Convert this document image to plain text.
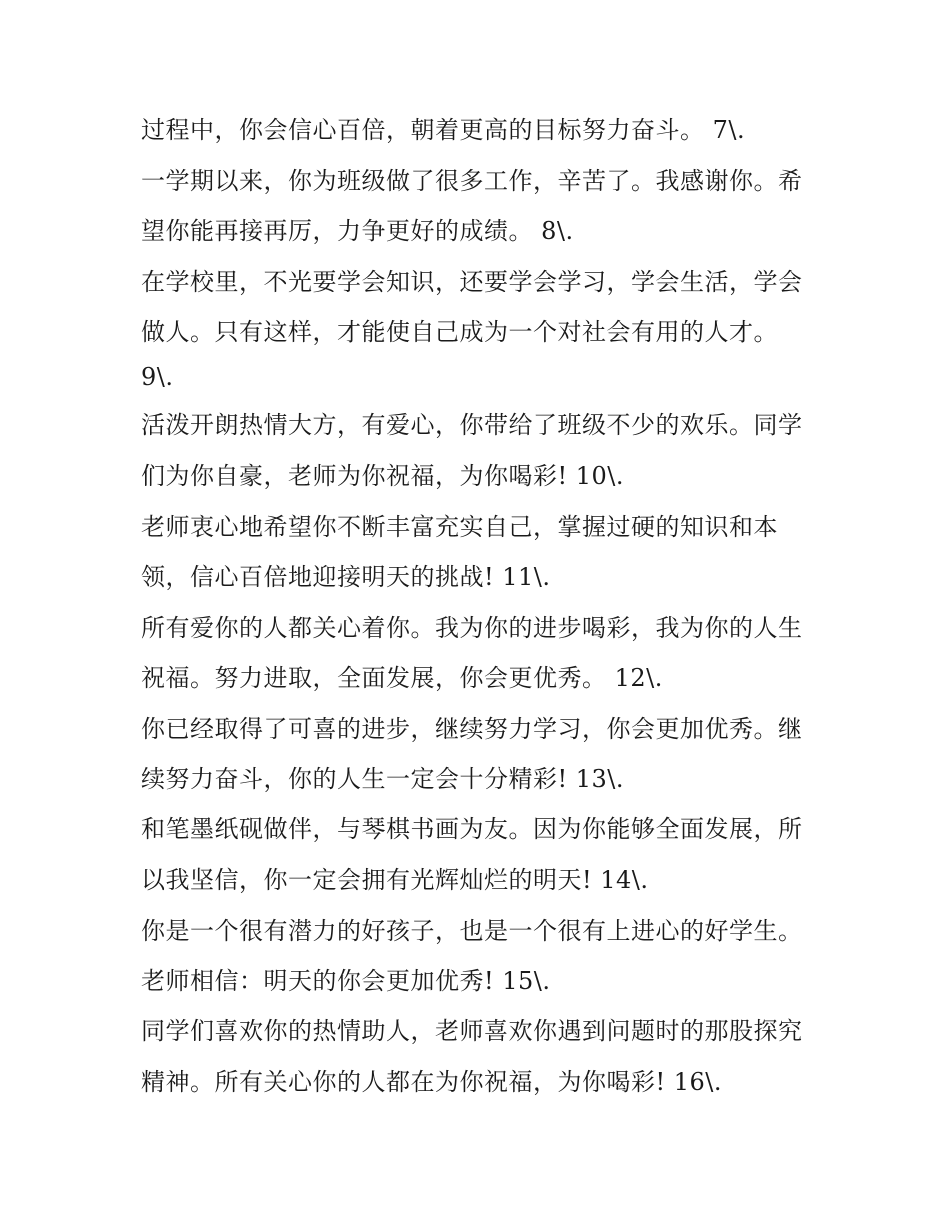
过程中，你会信心百倍，朝着更高的目标努力奋斗。 7\.

一学期以来，你为班级做了很多工作，辛苦了。我感谢你。希

望你能再接再厉，力争更好的成绩。 8\.

在学校里，不光要学会知识，还要学会学习，学会生活，学会

做人。只有这样，才能使自己成为一个对社会有用的人才。

9\.

活泼开朗热情大方，有爱心，你带给了班级不少的欢乐。同学

们为你自豪，老师为你祝福，为你喝彩! 10\.

老师衷心地希望你不断丰富充实自己，掌握过硬的知识和本

领，信心百倍地迎接明天的挑战! 11\.

所有爱你的人都关心着你。我为你的进步喝彩，我为你的人生

祝福。努力进取，全面发展，你会更优秀。 12\.

你已经取得了可喜的进步，继续努力学习，你会更加优秀。继

续努力奋斗，你的人生一定会十分精彩! 13\.

和笔墨纸砚做伴，与琴棋书画为友。因为你能够全面发展，所

以我坚信，你一定会拥有光辉灿烂的明天! 14\.

你是一个很有潜力的好孩子，也是一个很有上进心的好学生。

老师相信：明天的你会更加优秀! 15\.

同学们喜欢你的热情助人，老师喜欢你遇到问题时的那股探究

精神。所有关心你的人都在为你祝福，为你喝彩! 16\.
